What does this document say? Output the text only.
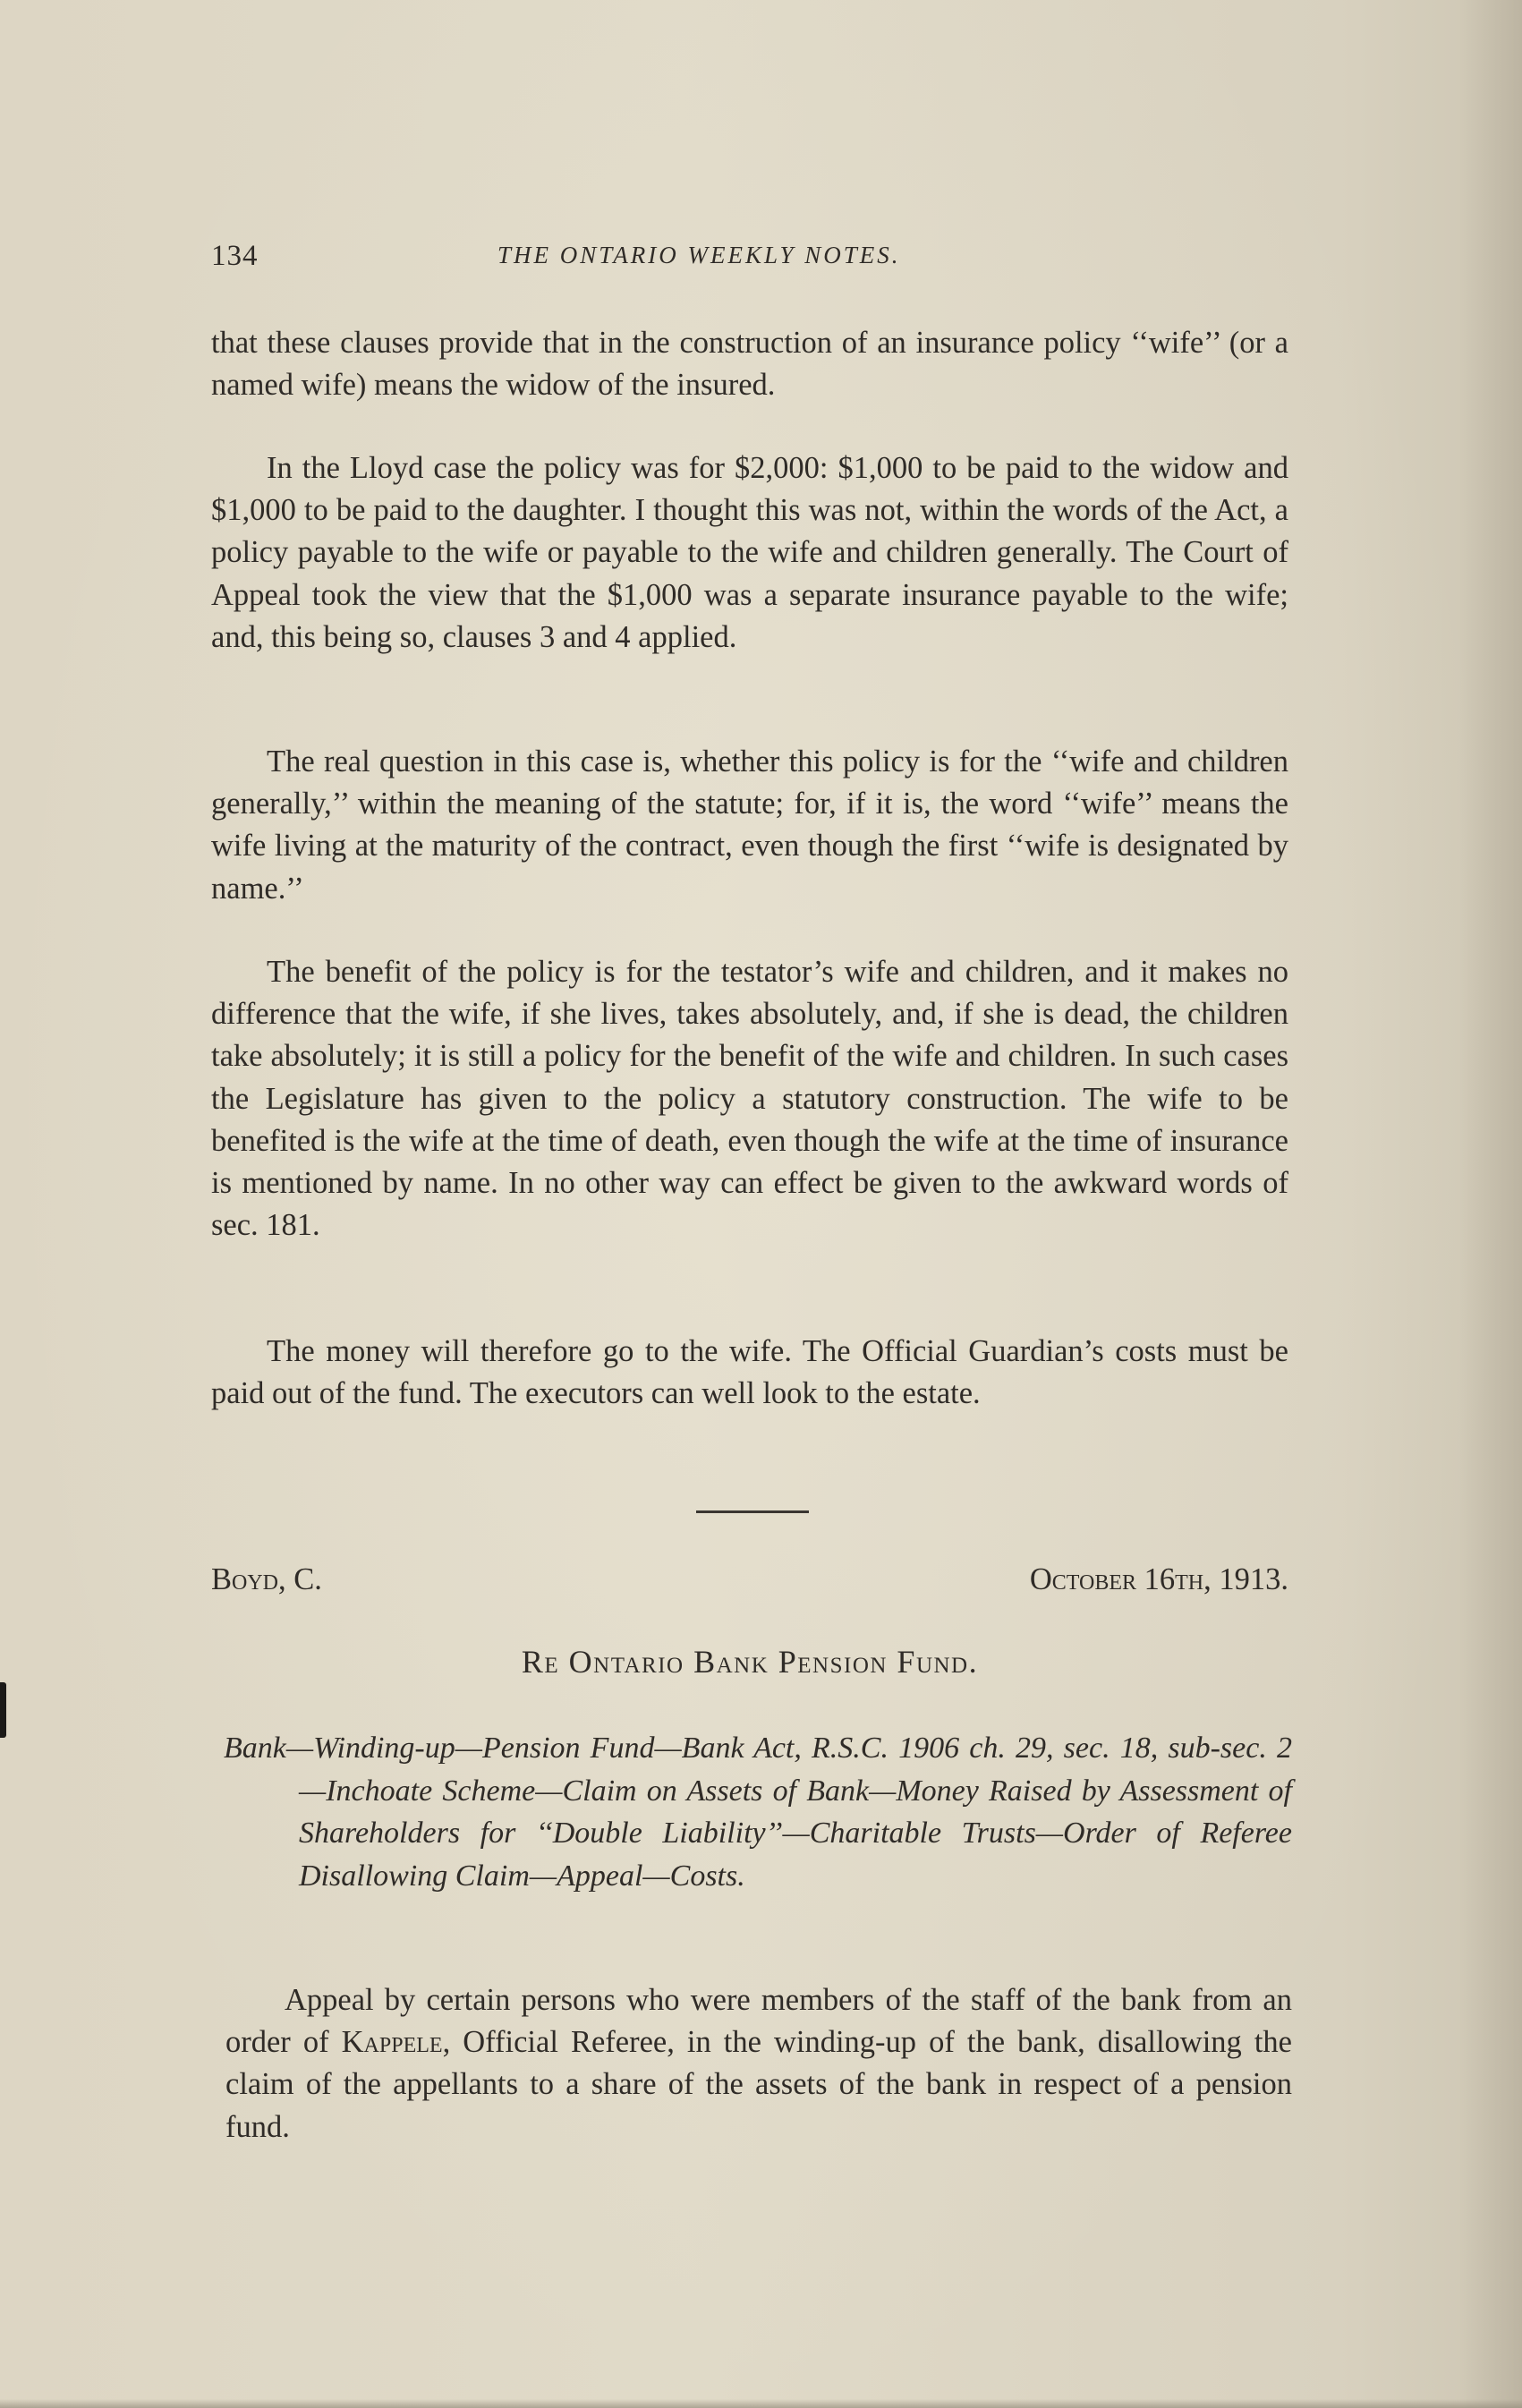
134	THE ONTARIO WEEKLY NOTES.

that these clauses provide that in the construction of an insurance policy ‘‘wife’’ (or a named wife) means the widow of the insured.

In the Lloyd case the policy was for $2,000: $1,000 to be paid to the widow and $1,000 to be paid to the daughter. I thought this was not, within the words of the Act, a policy payable to the wife or payable to the wife and children generally. The Court of Appeal took the view that the $1,000 was a separate insurance payable to the wife; and, this being so, clauses 3 and 4 applied.

The real question in this case is, whether this policy is for the ‘‘wife and children generally,’’ within the meaning of the statute; for, if it is, the word ‘‘wife’’ means the wife living at the maturity of the contract, even though the first ‘‘wife is designated by name.’’

The benefit of the policy is for the testator’s wife and children, and it makes no difference that the wife, if she lives, takes absolutely, and, if she is dead, the children take absolutely; it is still a policy for the benefit of the wife and children. In such cases the Legislature has given to the policy a statutory construction. The wife to be benefited is the wife at the time of death, even though the wife at the time of insurance is mentioned by name. In no other way can effect be given to the awkward words of sec. 181.

The money will therefore go to the wife. The Official Guardian’s costs must be paid out of the fund. The executors can well look to the estate.

Boyd, C.	October 16th, 1913.
Re Ontario Bank Pension Fund.
Bank—Winding-up—Pension Fund—Bank Act, R.S.C. 1906 ch. 29, sec. 18, sub-sec. 2—Inchoate Scheme—Claim on Assets of Bank—Money Raised by Assessment of Shareholders for ‘‘Double Liability’’—Charitable Trusts—Order of Referee Disallowing Claim—Appeal—Costs.
Appeal by certain persons who were members of the staff of the bank from an order of Kappele, Official Referee, in the winding-up of the bank, disallowing the claim of the appellants to a share of the assets of the bank in respect of a pension fund.
